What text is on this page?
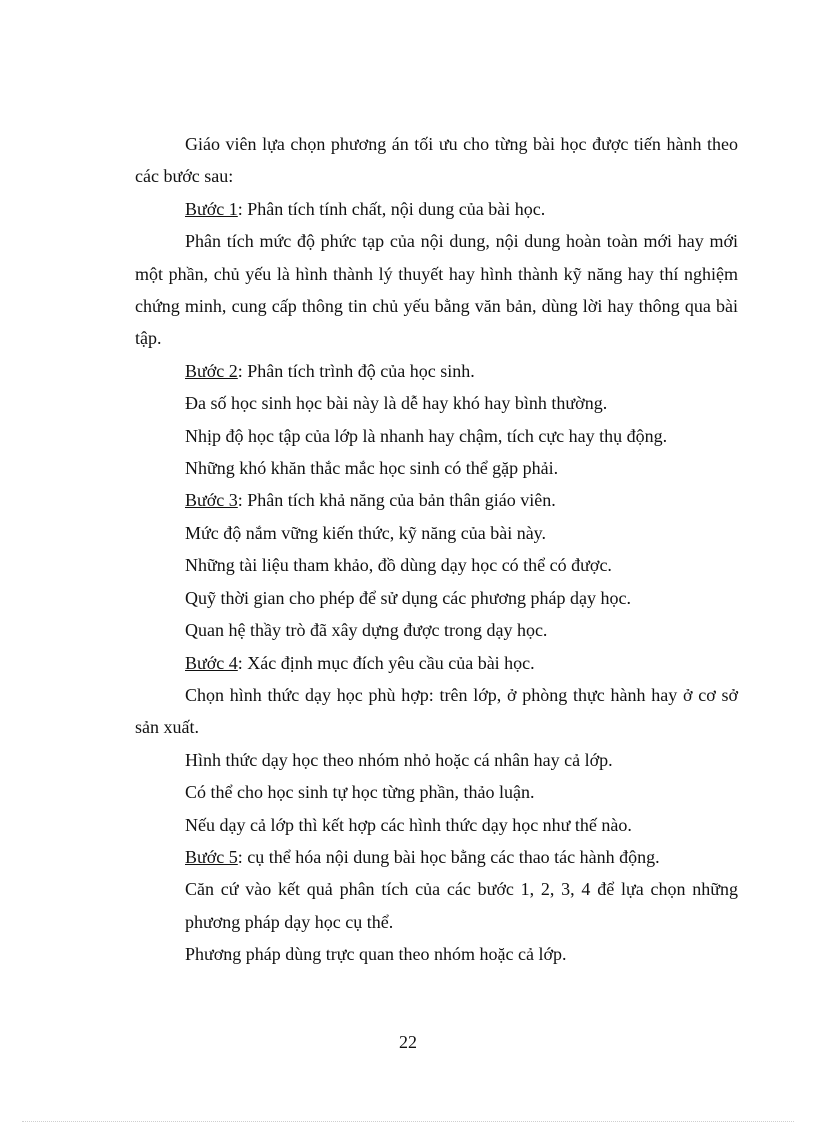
Giáo viên lựa chọn phương án tối ưu cho từng bài học được tiến hành theo các bước sau:

Bước 1: Phân tích tính chất, nội dung của bài học.

Phân tích mức độ phức tạp của nội dung, nội dung hoàn toàn mới hay mới một phần, chủ yếu là hình thành lý thuyết hay hình thành kỹ năng hay thí nghiệm chứng minh, cung cấp thông tin chủ yếu bằng văn bản, dùng lời hay thông qua bài tập.

Bước 2: Phân tích trình độ của học sinh.

Đa số học sinh học bài này là dễ hay khó hay bình thường.

Nhịp độ học tập của lớp là nhanh hay chậm, tích cực hay thụ động.

Những khó khăn thắc mắc học sinh có thể gặp phải.

Bước 3: Phân tích khả năng của bản thân giáo viên.

Mức độ nắm vững kiến thức, kỹ năng của bài này.

Những tài liệu tham khảo, đồ dùng dạy học có thể có được.

Quỹ thời gian cho phép để sử dụng các phương pháp dạy học.

Quan hệ thầy trò đã xây dựng được trong dạy học.

Bước 4: Xác định mục đích yêu cầu của bài học.

Chọn hình thức dạy học phù hợp: trên lớp, ở phòng thực hành hay ở cơ sở sản xuất.

Hình thức dạy học theo nhóm nhỏ hoặc cá nhân hay cả lớp.

Có thể cho học sinh tự học từng phần, thảo luận.

Nếu dạy cả lớp thì kết hợp các hình thức dạy học như thế nào.

Bước 5: cụ thể hóa nội dung bài học bằng các thao tác hành động.

Căn cứ vào kết quả phân tích của các bước 1, 2, 3, 4 để lựa chọn những phương pháp dạy học cụ thể.

Phương pháp dùng trực quan theo nhóm hoặc cả lớp.

22
